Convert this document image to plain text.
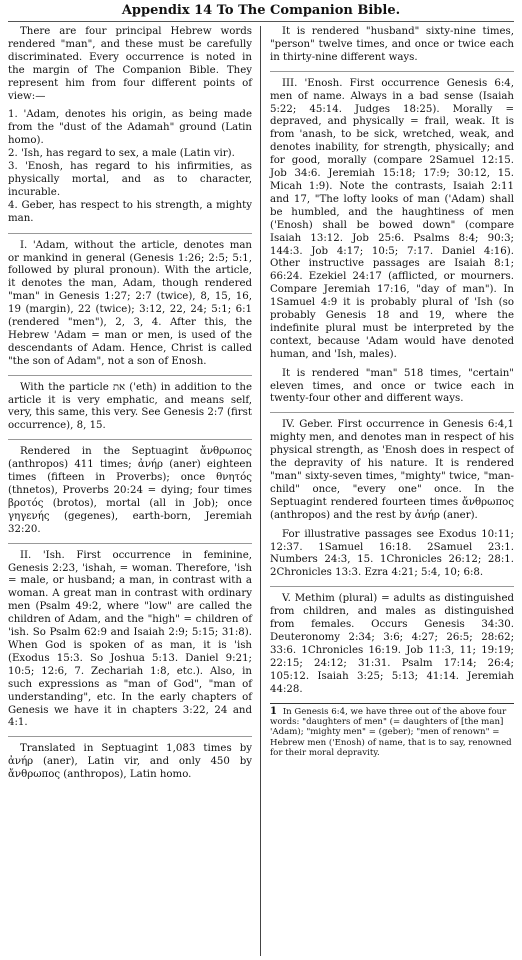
Appendix 14 To The Companion Bible.

There are four principal Hebrew words rendered "man", and these must be carefully discriminated. Every occurrence is noted in the margin of The Companion Bible. They represent him from four different points of view:—

1. 'Adam, denotes his origin, as being made from the "dust of the Adamah" ground (Latin homo).

2. 'Ish, has regard to sex, a male (Latin vir).

3. 'Enosh, has regard to his infirmities, as physically mortal, and as to character, incurable.

4. Geber, has respect to his strength, a mighty man.

I. 'Adam, without the article, denotes man or mankind in general (Genesis 1:26; 2:5; 5:1, followed by plural pronoun). With the article, it denotes the man, Adam, though rendered "man" in Genesis 1:27; 2:7 (twice), 8, 15, 16, 19 (margin), 22 (twice); 3:12, 22, 24; 5:1; 6:1 (rendered "men"), 2, 3, 4. After this, the Hebrew 'Adam = man or men, is used of the descendants of Adam. Hence, Christ is called "the son of Adam", not a son of Enosh.

With the particle את ('eth) in addition to the article it is very emphatic, and means self, very, this same, this very. See Genesis 2:7 (first occurrence), 8, 15.

Rendered in the Septuagint ἄνθρωπος (anthropos) 411 times; ἀνήρ (aner) eighteen times (fifteen in Proverbs); once θνητός (thnetos), Proverbs 20:24 = dying; four times βροτός (brotos), mortal (all in Job); once γηγενής (gegenes), earth-born, Jeremiah 32:20.

II. 'Ish. First occurrence in feminine, Genesis 2:23, 'ishah, = woman. Therefore, 'ish = male, or husband; a man, in contrast with a woman. A great man in contrast with ordinary men (Psalm 49:2, where "low" are called the children of Adam, and the "high" = children of 'ish. So Psalm 62:9 and Isaiah 2:9; 5:15; 31:8). When God is spoken of as man, it is 'ish (Exodus 15:3. So Joshua 5:13. Daniel 9:21; 10:5; 12:6, 7. Zechariah 1:8, etc.). Also, in such expressions as "man of God", "man of understanding", etc. In the early chapters of Genesis we have it in chapters 3:22, 24 and 4:1.

Translated in Septuagint 1,083 times by ἀνήρ (aner), Latin vir, and only 450 by ἄνθρωπος (anthropos), Latin homo.

It is rendered "husband" sixty-nine times, "person" twelve times, and once or twice each in thirty-nine different ways.

III. 'Enosh. First occurrence Genesis 6:4, men of name. Always in a bad sense (Isaiah 5:22; 45:14. Judges 18:25). Morally = depraved, and physically = frail, weak. It is from 'anash, to be sick, wretched, weak, and denotes inability, for strength, physically; and for good, morally (compare 2Samuel 12:15. Job 34:6. Jeremiah 15:18; 17:9; 30:12, 15. Micah 1:9). Note the contrasts, Isaiah 2:11 and 17, "The lofty looks of man ('Adam) shall be humbled, and the haughtiness of men ('Enosh) shall be bowed down" (compare Isaiah 13:12. Job 25:6. Psalms 8:4; 90:3; 144:3. Job 4:17; 10:5; 7:17. Daniel 4:16). Other instructive passages are Isaiah 8:1; 66:24. Ezekiel 24:17 (afflicted, or mourners. Compare Jeremiah 17:16, "day of man"). In 1Samuel 4:9 it is probably plural of 'Ish (so probably Genesis 18 and 19, where the indefinite plural must be interpreted by the context, because 'Adam would have denoted human, and 'Ish, males).

It is rendered "man" 518 times, "certain" eleven times, and once or twice each in twenty-four other and different ways.

IV. Geber. First occurrence in Genesis 6:4,1 mighty men, and denotes man in respect of his physical strength, as 'Enosh does in respect of the depravity of his nature. It is rendered "man" sixty-seven times, "mighty" twice, "man-child" once, "every one" once. In the Septuagint rendered fourteen times ἄνθρωπος (anthropos) and the rest by ἀνήρ (aner).

For illustrative passages see Exodus 10:11; 12:37. 1Samuel 16:18. 2Samuel 23:1. Numbers 24:3, 15. 1Chronicles 26:12; 28:1. 2Chronicles 13:3. Ezra 4:21; 5:4, 10; 6:8.

V. Methim (plural) = adults as distinguished from children, and males as distinguished from females. Occurs Genesis 34:30. Deuteronomy 2:34; 3:6; 4:27; 26:5; 28:62; 33:6. 1Chronicles 16:19. Job 11:3, 11; 19:19; 22:15; 24:12; 31:31. Psalm 17:14; 26:4; 105:12. Isaiah 3:25; 5:13; 41:14. Jeremiah 44:28.

1 In Genesis 6:4, we have three out of the above four words: "daughters of men" (= daughters of [the man] 'Adam); "mighty men" = (geber); "men of renown" = Hebrew men ('Enosh) of name, that is to say, renowned for their moral depravity.
